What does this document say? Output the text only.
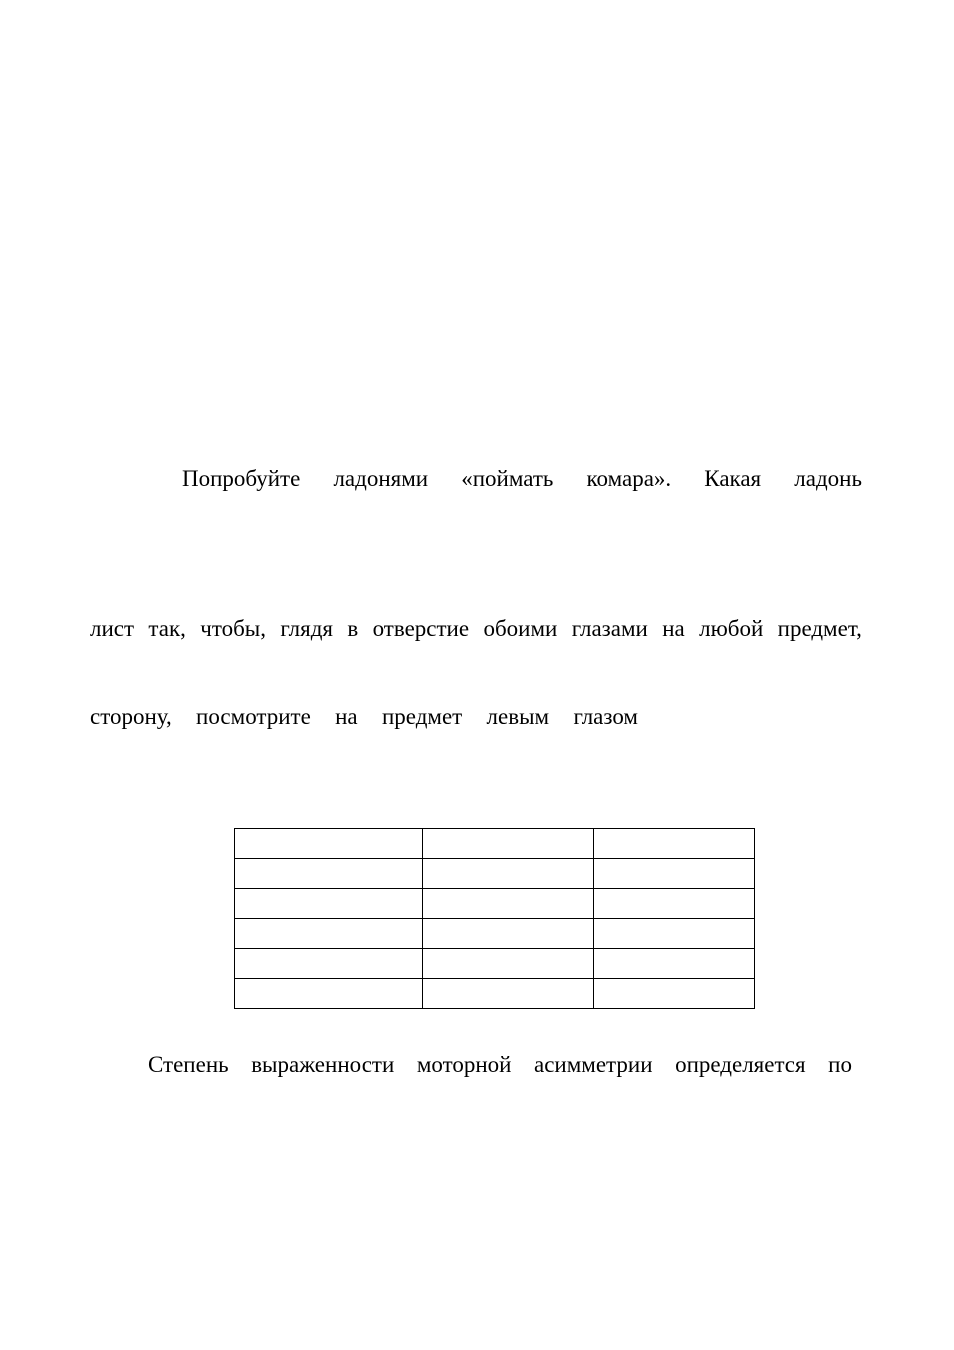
Попробуйте ладонями «поймать комара». Какая ладонь
лист так, чтобы, глядя в отверстие обоими глазами на любой предмет,
сторону, посмотрите на предмет левым глазом

Степень выраженности моторной асимметрии определяется по
